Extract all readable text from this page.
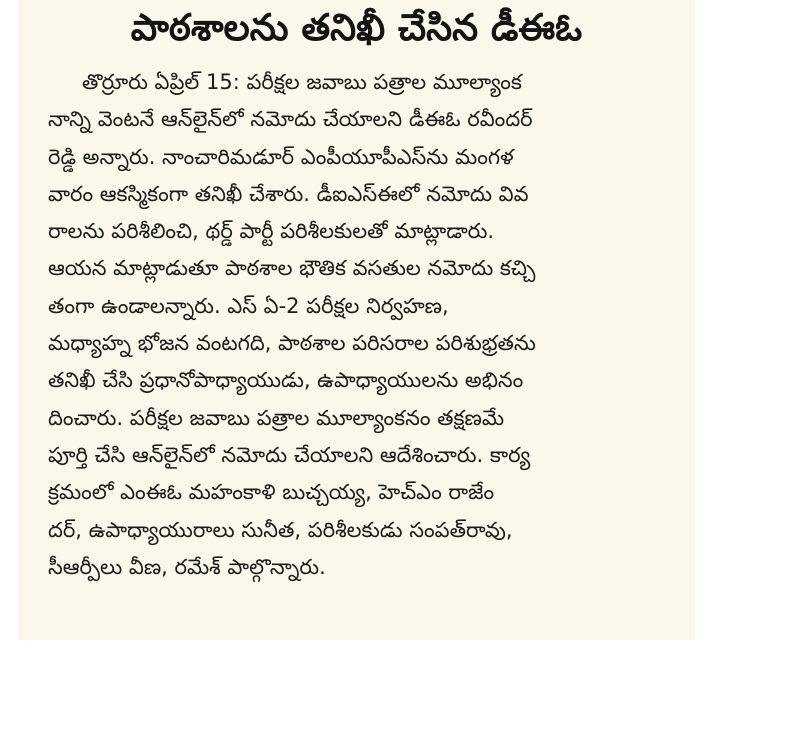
పాఠశాలను తనిఖీ చేసిన డీఈఓ
తొర్రూరు ఏప్రిల్ 15: పరీక్షల జవాబు పత్రాల మూల్యాంక
నాన్ని వెంటనే ఆన్‌లైన్‌లో నమోదు చేయాలని డీఈఓ రవీందర్
రెడ్డి అన్నారు. నాంచారిమడూర్ ఎంపీయూపీఎస్‌ను మంగళ
వారం ఆకస్మికంగా తనిఖీ చేశారు. డీఐఎస్ఈలో నమోదు వివ
రాలను పరిశీలించి, థర్డ్ పార్టీ పరిశీలకులతో మాట్లాడారు.
ఆయన మాట్లాడుతూ పాఠశాల భౌతిక వసతుల నమోదు కచ్చి
తంగా ఉండాలన్నారు. ఎస్ ఏ-2 పరీక్షల నిర్వహణ,
మధ్యాహ్న భోజన వంటగది, పాఠశాల పరిసరాల పరిశుభ్రతను
తనిఖీ చేసి ప్రధానోపాధ్యాయుడు, ఉపాధ్యాయులను అభినం
దించారు. పరీక్షల జవాబు పత్రాల మూల్యాంకనం తక్షణమే
పూర్తి చేసి ఆన్‌లైన్‌లో నమోదు చేయాలని ఆదేశించారు. కార్య
క్రమంలో ఎంఈఓ మహంకాళి బుచ్చయ్య, హెచ్ఎం రాజేం
దర్, ఉపాధ్యాయురాలు సునీత, పరిశీలకుడు సంపత్‌రావు,
సీఆర్పీలు వీణ, రమేశ్ పాల్గొన్నారు.
